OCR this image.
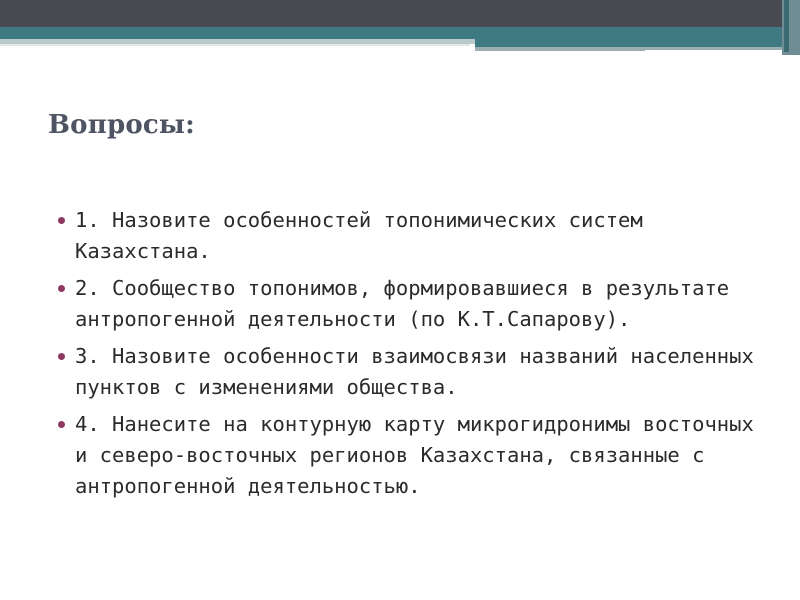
Вопросы:
1. Назовите особенностей топонимических систем Казахстана.
2. Сообщество топонимов, формировавшиеся в результате антропогенной деятельности (по К.Т.Сапарову).
3. Назовите особенности взаимосвязи названий населенных пунктов с изменениями общества.
4. Нанесите на контурную карту микрогидронимы восточных и северо-восточных регионов Казахстана, связанные с антропогенной деятельностью.
